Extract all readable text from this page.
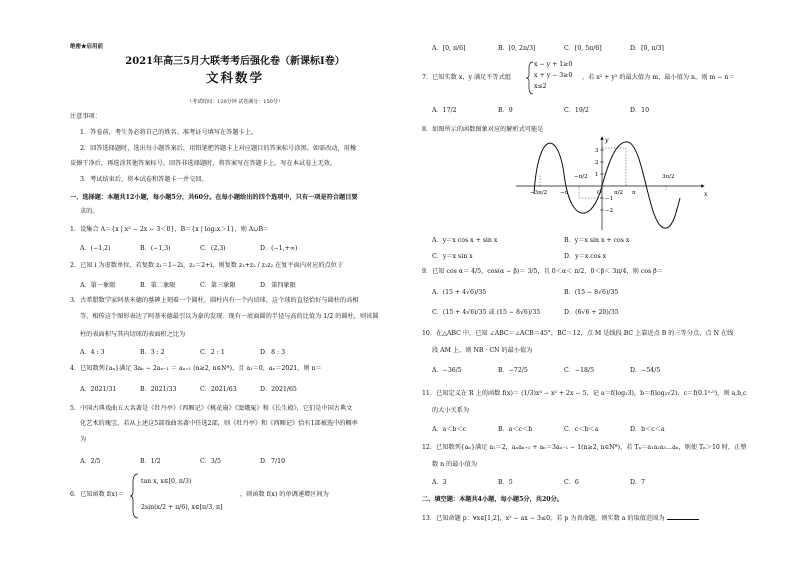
绝密★启用前
2021年高三5月大联考考后强化卷（新课标Ⅰ卷）
文科数学
（考试时间：120分钟 试卷满分：150分）
注意事项：
1．答卷前，考生务必将自己的姓名、准考证号填写在答题卡上。
2．回答选择题时，选出每小题答案后，用铅笔把答题卡上对应题目的答案标号涂黑。如需改动，用橡
皮擦干净后，再选涂其他答案标号。回答非选择题时，将答案写在答题卡上。写在本试卷上无效。
3．考试结束后，将本试卷和答题卡一并交回。
一、选择题：本题共12小题，每小题5分，共60分。在每小题给出的四个选项中，只有一项是符合题目要
求的。
1．设集合 A＝{x | x² − 2x − 3＜0}，B＝{x | log₂x＞1}，则 A∪B＝
A．(−1,2)	B．(−1,3)	C．(2,3)	D．(−1,+∞)
2．已知 i 为虚数单位，若复数 z₁＝1−2i，z₂＝2+i，则复数 z₁+z₂ / z₁z₂ 在复平面内对应的点位于
A．第一象限	B．第二象限	C．第三象限	D．第四象限
3．古希腊数学家阿基米德的墓碑上刻着一个圆柱，圆柱内有一个内切球，这个球的直径恰好与圆柱的高相
等，相传这个图形表达了阿基米德最引以为豪的发现．现有一底面圆的半径与高的比值为 1/2 的圆柱，则该圆
柱的表面积与其内切球的表面积之比为
A．4 : 3	B．3 : 2	C．2 : 1	D．8 : 3
4．已知数列{aₙ}满足 3aₙ − 2aₙ₋₁ ＝ aₙ₊₁ (n≥2, n∈N*)，且 a₁＝0，aₙ＝2021，则 n＝
A．2021/31	B．2021/33	C．2021/63	D．2021/65
5．中国古典戏曲五大名著是《牡丹亭》《西厢记》《桃花扇》《窦娥冤》和《长生殿》，它们是中国古典文
化艺术的瑰宝，若从上述这5部戏曲名著中任选2部，则《牡丹亭》和《西厢记》恰有1部被选中的概率
为
A．2/5	B．1/2	C．3/5	D．7/10
6．已知函数 f(x)＝
tan x, x∈[0, π/3)
2sin(x/2 + π/6), x∈[π/3, π]
，则函数 f(x) 的单调递增区间为
A．[0, π/6]	B．[0, 2π/3]	C．[0, 5π/6]	D．[0, π/3]
7．已知实数 x，y 满足不等式组
x − y + 1≥0
x + y − 3≥0
x≤2
，若 x² + y² 的最大值为 m，最小值为 n，则 m − n＝
A．17/2	B．9	C．19/2	D．10
8．如图所示的函数图象对应的解析式可能是
x
y
3
2
1
−1
−2
−3π/2 −π
−π/2
O π/2 π
3π/2
A．y＝x cos x + sin x	B．y＝x sin x + cos x
C．y＝x sin x	D．y＝x cos x
9．已知 cos α＝ 4/5，cos(α − β)＝ 3/5，且 0＜α＜ π/2，0＜β＜ 3π/4，则 cos β＝
A．(15 + 4√6)/35	B．(15 − 8√6)/35
C．(15 + 4√6)/35 或 (15 − 8√6)/35	D．(6√6 + 20)/35
10．在△ABC 中，已知 ∠ABC＝∠ACB＝45°，BC＝12，点 M 是线段 BC 上靠近点 B 的三等分点，点 N 在线
段 AM 上，则 NB · CN 的最小值为
A．−36/5	B．−72/5	C．−18/5	D．−54/5
11．已知定义在 R 上的函数 f(x)＝ (1/3)x³ − x² + 2x − 5，记 a＝f(log₂3)，b＝f(log₃√2)，c＝f(0.1⁰·⁵)，则 a,b,c
的大小关系为
A．a＜b＜c	B．a＜c＜b	C．c＜b＜a	D．b＜c＜a
12．已知数列{aₙ}满足 a₁＝2，aₙaₙ₊₁ + aₙ＝3aₙ₋₁ − 1(n≥2, n∈N*)，若 Tₙ＝a₁a₂a₃…aₙ，则使 Tₙ＞10 时，正整
数 n 的最小值为
A．3	B．5	C．6	D．7
二、填空题：本题共4小题，每小题5分，共20分。
13．已知命题 p：∀x∈[1,2]，x² − ax − 3≤0，若 p 为真命题，则实数 a 的取值范围为
